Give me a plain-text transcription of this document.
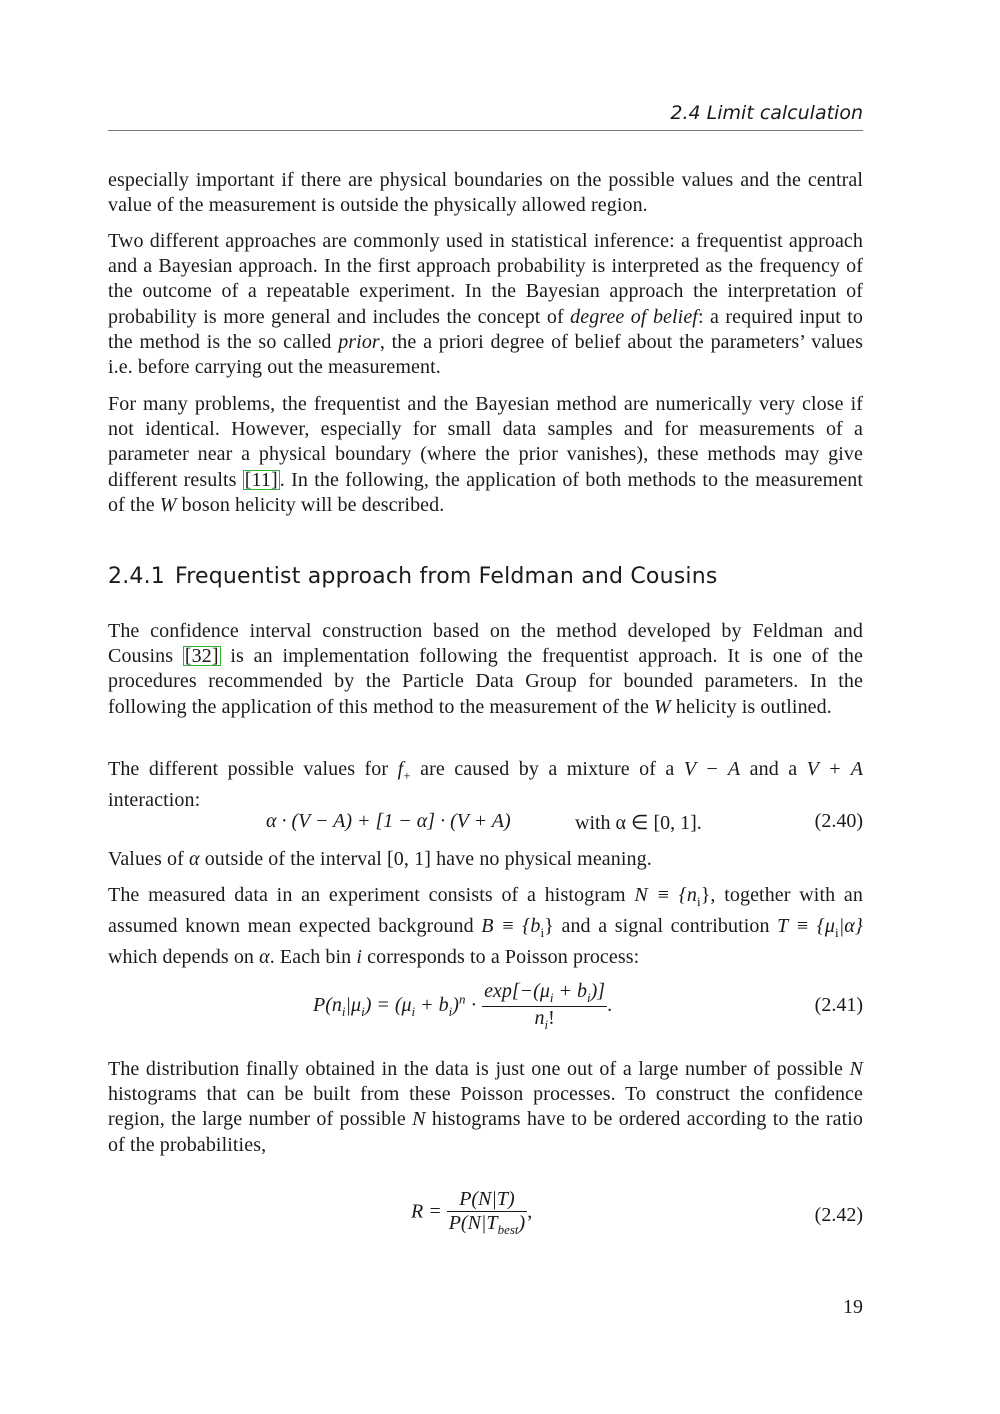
2.4 Limit calculation

especially important if there are physical boundaries on the possible values and the central value of the measurement is outside the physically allowed region.

Two different approaches are commonly used in statistical inference: a frequentist approach and a Bayesian approach. In the first approach probability is interpreted as the frequency of the outcome of a repeatable experiment. In the Bayesian approach the interpretation of probability is more general and includes the concept of degree of belief: a required input to the method is the so called prior, the a priori degree of belief about the parameters’ values i.e. before carrying out the measurement.

For many problems, the frequentist and the Bayesian method are numerically very close if not identical. However, especially for small data samples and for measurements of a parameter near a physical boundary (where the prior vanishes), these methods may give different results [11] . In the following, the application of both methods to the measurement of the W boson helicity will be described.

2.4.1 Frequentist approach from Feldman and Cousins

The confidence interval construction based on the method developed by Feldman and Cousins [32] is an implementation following the frequentist approach. It is one of the procedures recommended by the Particle Data Group for bounded parameters. In the following the application of this method to the measurement of the W helicity is outlined.

The different possible values for $f_+$ are caused by a mixture of a V − A and a V + A interaction:

α · (V − A) + [1 − α] · (V + A)	with α ∈ [0, 1].	(2.40)

Values of α outside of the interval [0, 1] have no physical meaning.

The measured data in an experiment consists of a histogram $N \equiv \{n_i\}$, together with an assumed known mean expected background $B \equiv \{b_i\}$ and a signal contribution $T \equiv \{\mu_i|\alpha\}$ which depends on α. Each bin i corresponds to a Poisson process:

$P(n_i|\mu_i) = (\mu_i + b_i)^n \cdot \frac{\exp[-(\mu_i + b_i)]}{n_i!}$ .	(2.41)

The distribution finally obtained in the data is just one out of a large number of possible N histograms that can be built from these Poisson processes. To construct the confidence region, the large number of possible N histograms have to be ordered according to the ratio of the probabilities,

$R = \frac{P(N|T)}{P(N|T_{best})}$ ,	(2.42)
19
